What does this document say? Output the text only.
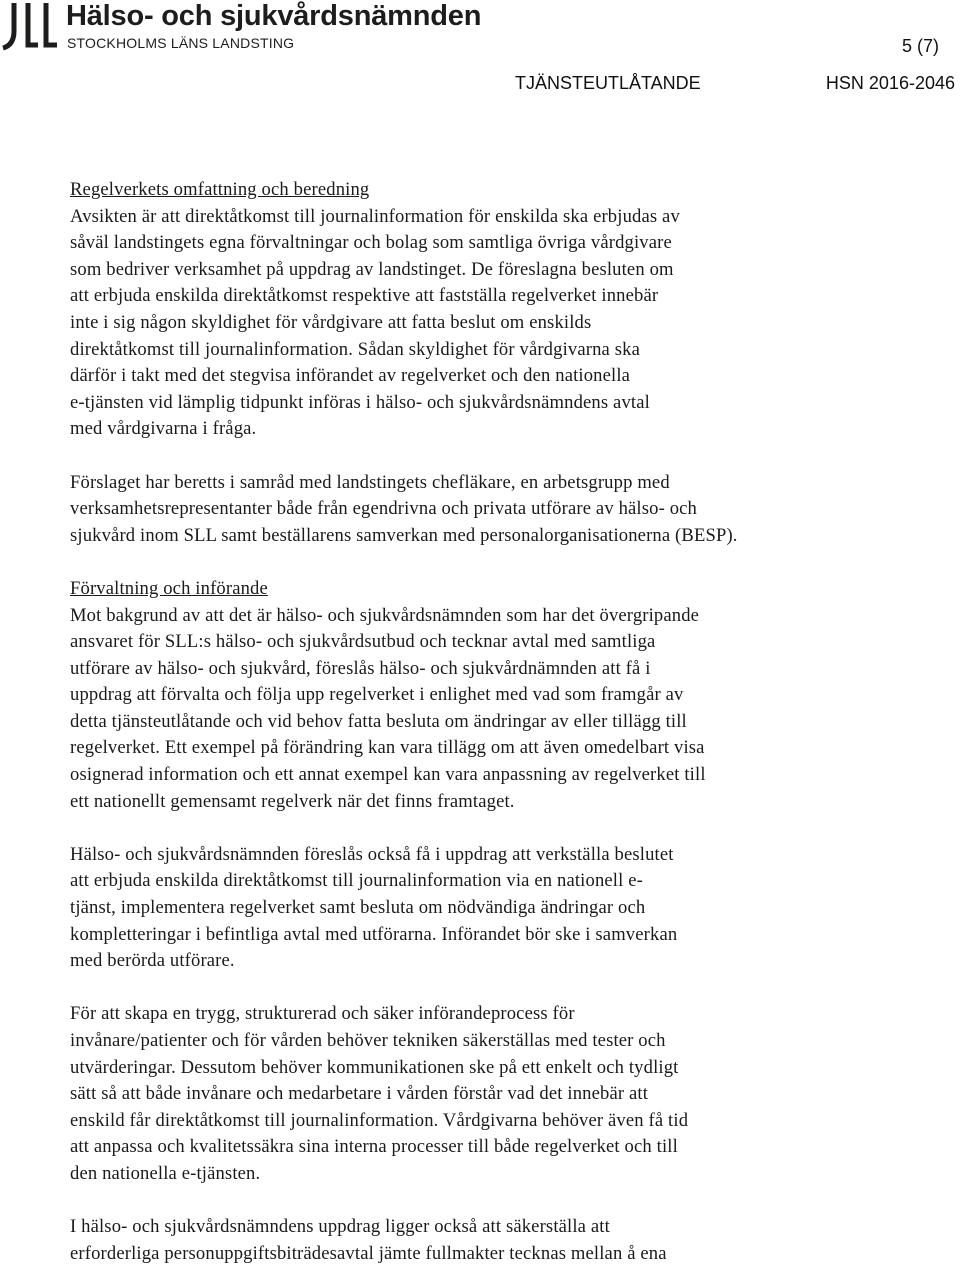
Hälso- och sjukvårdsnämnden
STOCKHOLMS LÄNS LANDSTING	5 (7)
TJÄNSTEUTLÅTANDE	HSN 2016-2046
Regelverkets omfattning och beredning
Avsikten är att direktåtkomst till journalinformation för enskilda ska erbjudas av
såväl landstingets egna förvaltningar och bolag som samtliga övriga vårdgivare
som bedriver verksamhet på uppdrag av landstinget. De föreslagna besluten om
att erbjuda enskilda direktåtkomst respektive att fastställa regelverket innebär
inte i sig någon skyldighet för vårdgivare att fatta beslut om enskilds
direktåtkomst till journalinformation. Sådan skyldighet för vårdgivarna ska
därför i takt med det stegvisa införandet av regelverket och den nationella
e-tjänsten vid lämplig tidpunkt införas i hälso- och sjukvårdsnämndens avtal
med vårdgivarna i fråga.
Förslaget har beretts i samråd med landstingets chefläkare, en arbetsgrupp med
verksamhetsrepresentanter både från egendrivna och privata utförare av hälso- och
sjukvård inom SLL samt beställarens samverkan med personalorganisationerna (BESP).
Förvaltning och införande
Mot bakgrund av att det är hälso- och sjukvårdsnämnden som har det övergripande
ansvaret för SLL:s hälso- och sjukvårdsutbud och tecknar avtal med samtliga
utförare av hälso- och sjukvård, föreslås hälso- och sjukvårdnämnden att få i
uppdrag att förvalta och följa upp regelverket i enlighet med vad som framgår av
detta tjänsteutlåtande och vid behov fatta besluta om ändringar av eller tillägg till
regelverket. Ett exempel på förändring kan vara tillägg om att även omedelbart visa
osignerad information och ett annat exempel kan vara anpassning av regelverket till
ett nationellt gemensamt regelverk när det finns framtaget.
Hälso- och sjukvårdsnämnden föreslås också få i uppdrag att verkställa beslutet
att erbjuda enskilda direktåtkomst till journalinformation via en nationell e-
tjänst, implementera regelverket samt besluta om nödvändiga ändringar och
kompletteringar i befintliga avtal med utförarna. Införandet bör ske i samverkan
med berörda utförare.
För att skapa en trygg, strukturerad och säker införandeprocess för
invånare/patienter och för vården behöver tekniken säkerställas med tester och
utvärderingar. Dessutom behöver kommunikationen ske på ett enkelt och tydligt
sätt så att både invånare och medarbetare i vården förstår vad det innebär att
enskild får direktåtkomst till journalinformation. Vårdgivarna behöver även få tid
att anpassa och kvalitetssäkra sina interna processer till både regelverket och till
den nationella e-tjänsten.
I hälso- och sjukvårdsnämndens uppdrag ligger också att säkerställa att
erforderliga personuppgiftsbiträdesavtal jämte fullmakter tecknas mellan å ena
